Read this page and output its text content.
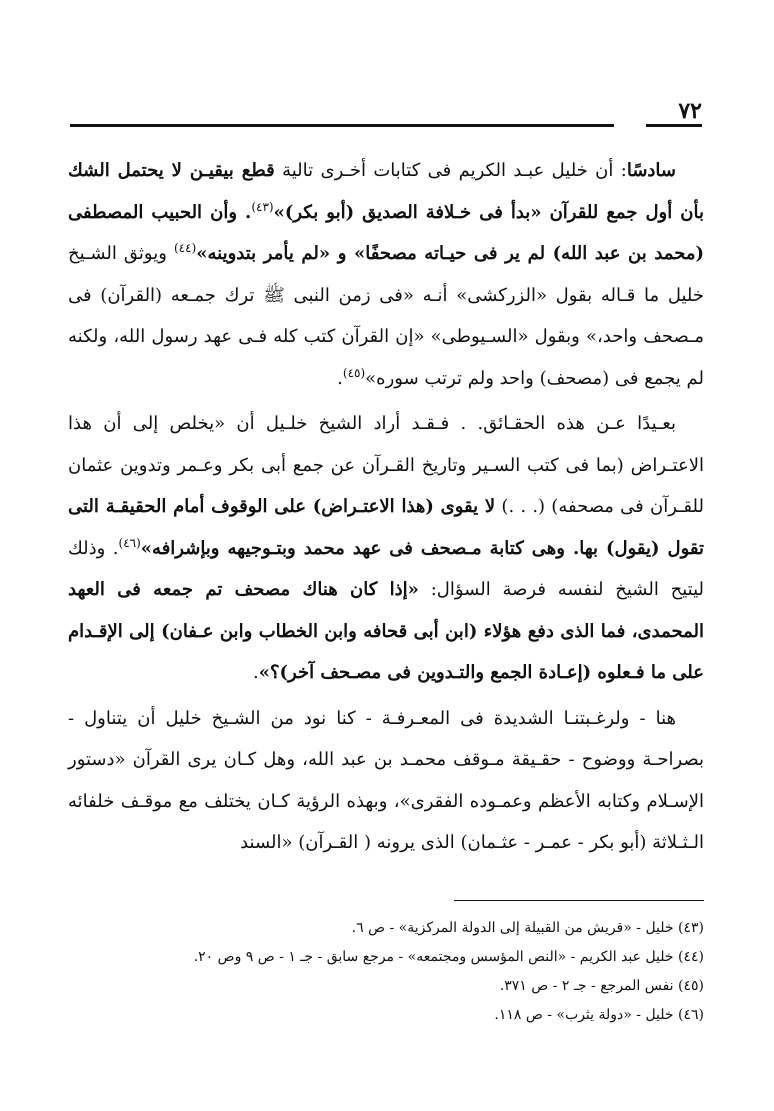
٧٢

سادسًا: أن خليل عبـد الكريم فى كتابات أخـرى تالية قطع بيقيـن لا يحتمل الشك بأن أول جمع للقرآن «بدأ فى خـلافة الصديق (أبو بكر)»$^{(٤٣)}$. وأن الحبيب المصطفى (محمد بن عبد الله) لم ير فى حيـاته مصحفًا» و «لم يأمر بتدوينه»$^{(٤٤)}$ ويوثق الشـيخ خليل ما قـاله بقول «الزركشى» أنـه «فى زمن النبى ﷺ ترك جمـعه (القرآن) فى مـصحف واحد،» وبقول «السـيوطى» «إن القرآن كتب كله فـى عهد رسول الله، ولكنه لم يجمع فى (مصحف) واحد ولم ترتب سوره»$^{(٤٥)}$.

بعـيدًا عـن هذه الحقـائق. . فـقـد أراد الشيخ خلـيل أن «يخلص إلى أن هذا الاعتـراض (بما فى كتب السـير وتاريخ القـرآن عن جمع أبى بكر وعـمر وتدوين عثمان للقـرآن فى مصحفه) (. . .) لا يقوى (هذا الاعتـراض) على الوقوف أمام الحقيقـة التى تقول (يقول) بها. وهى كتابة مـصحف فى عهد محمد وبتـوجيهه وبإشرافه»$^{(٤٦)}$. وذلك ليتيح الشيخ لنفسه فرصة السؤال: «إذا كان هناك مصحف تم جمعه فى العهد المحمدى، فما الذى دفع هؤلاء (ابن أبى قحافه وابن الخطاب وابن عـفان) إلى الإقـدام على ما فـعلوه (إعـادة الجمع والتـدوين فى مصـحف آخر)؟».

هنا - ولرغـبتنـا الشديدة فى المعـرفـة - كنا نود من الشـيخ خليل أن يتناول - بصراحـة ووضوح - حقـيقة مـوقف محمـد بن عبد الله، وهل كـان يرى القرآن «دستور الإسـلام وكتابه الأعظم وعمـوده الفقرى»، وبهذه الرؤية كـان يختلف مع موقـف خلفائه الـثـلاثة (أبو بكر - عمـر - عثـمان) الذى يرونه ( القـرآن) «السند

(٤٣) خليل - «قريش من القبيلة إلى الدولة المركزية» - ص ٦.

(٤٤) خليل عبد الكريم - «النص المؤسس ومجتمعه» - مرجع سابق - جـ ١ - ص ٩ وص ٢٠.

(٤٥) نفس المرجع - جـ ٢ - ص ٣٧١.

(٤٦) خليل - «دولة يثرب» - ص ١١٨.
